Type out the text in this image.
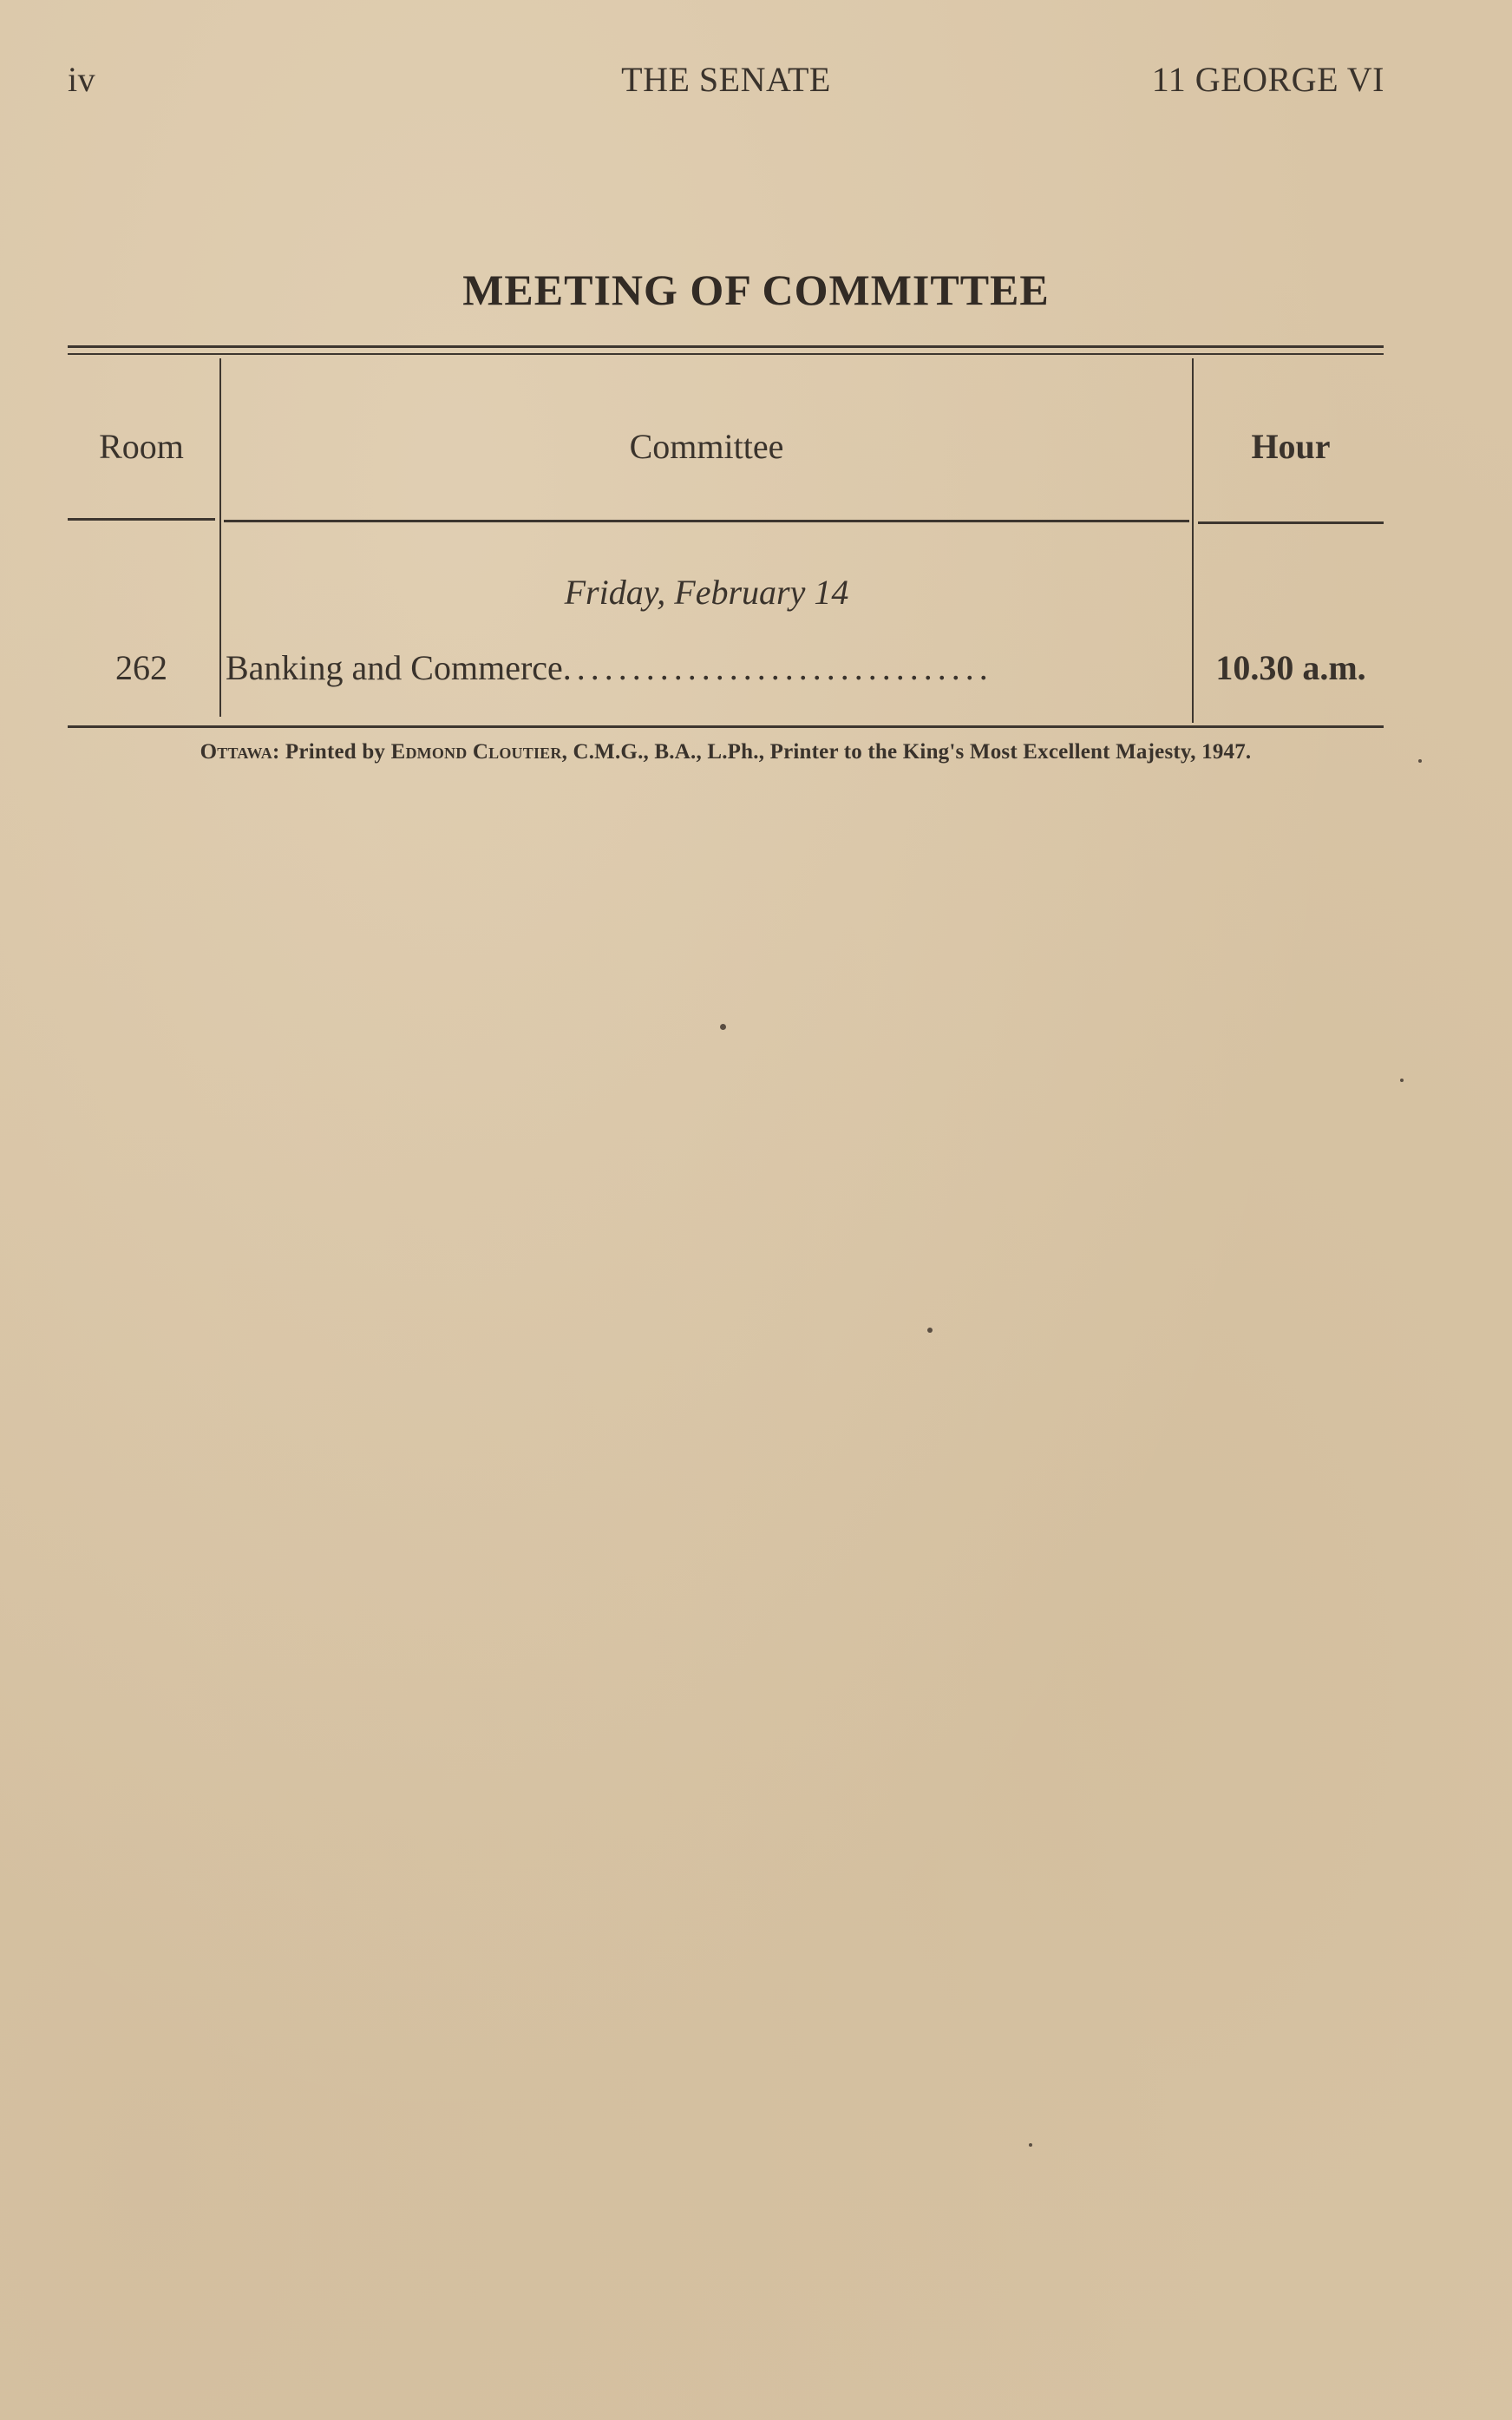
iv	THE SENATE	11 GEORGE VI
MEETING OF COMMITTEE
Room	Committee	Hour
Friday, February 14
262	Banking and Commerce...............................	10.30 a.m.
Ottawa: Printed by Edmond Cloutier, C.M.G., B.A., L.Ph., Printer to the King's Most Excellent Majesty, 1947.
